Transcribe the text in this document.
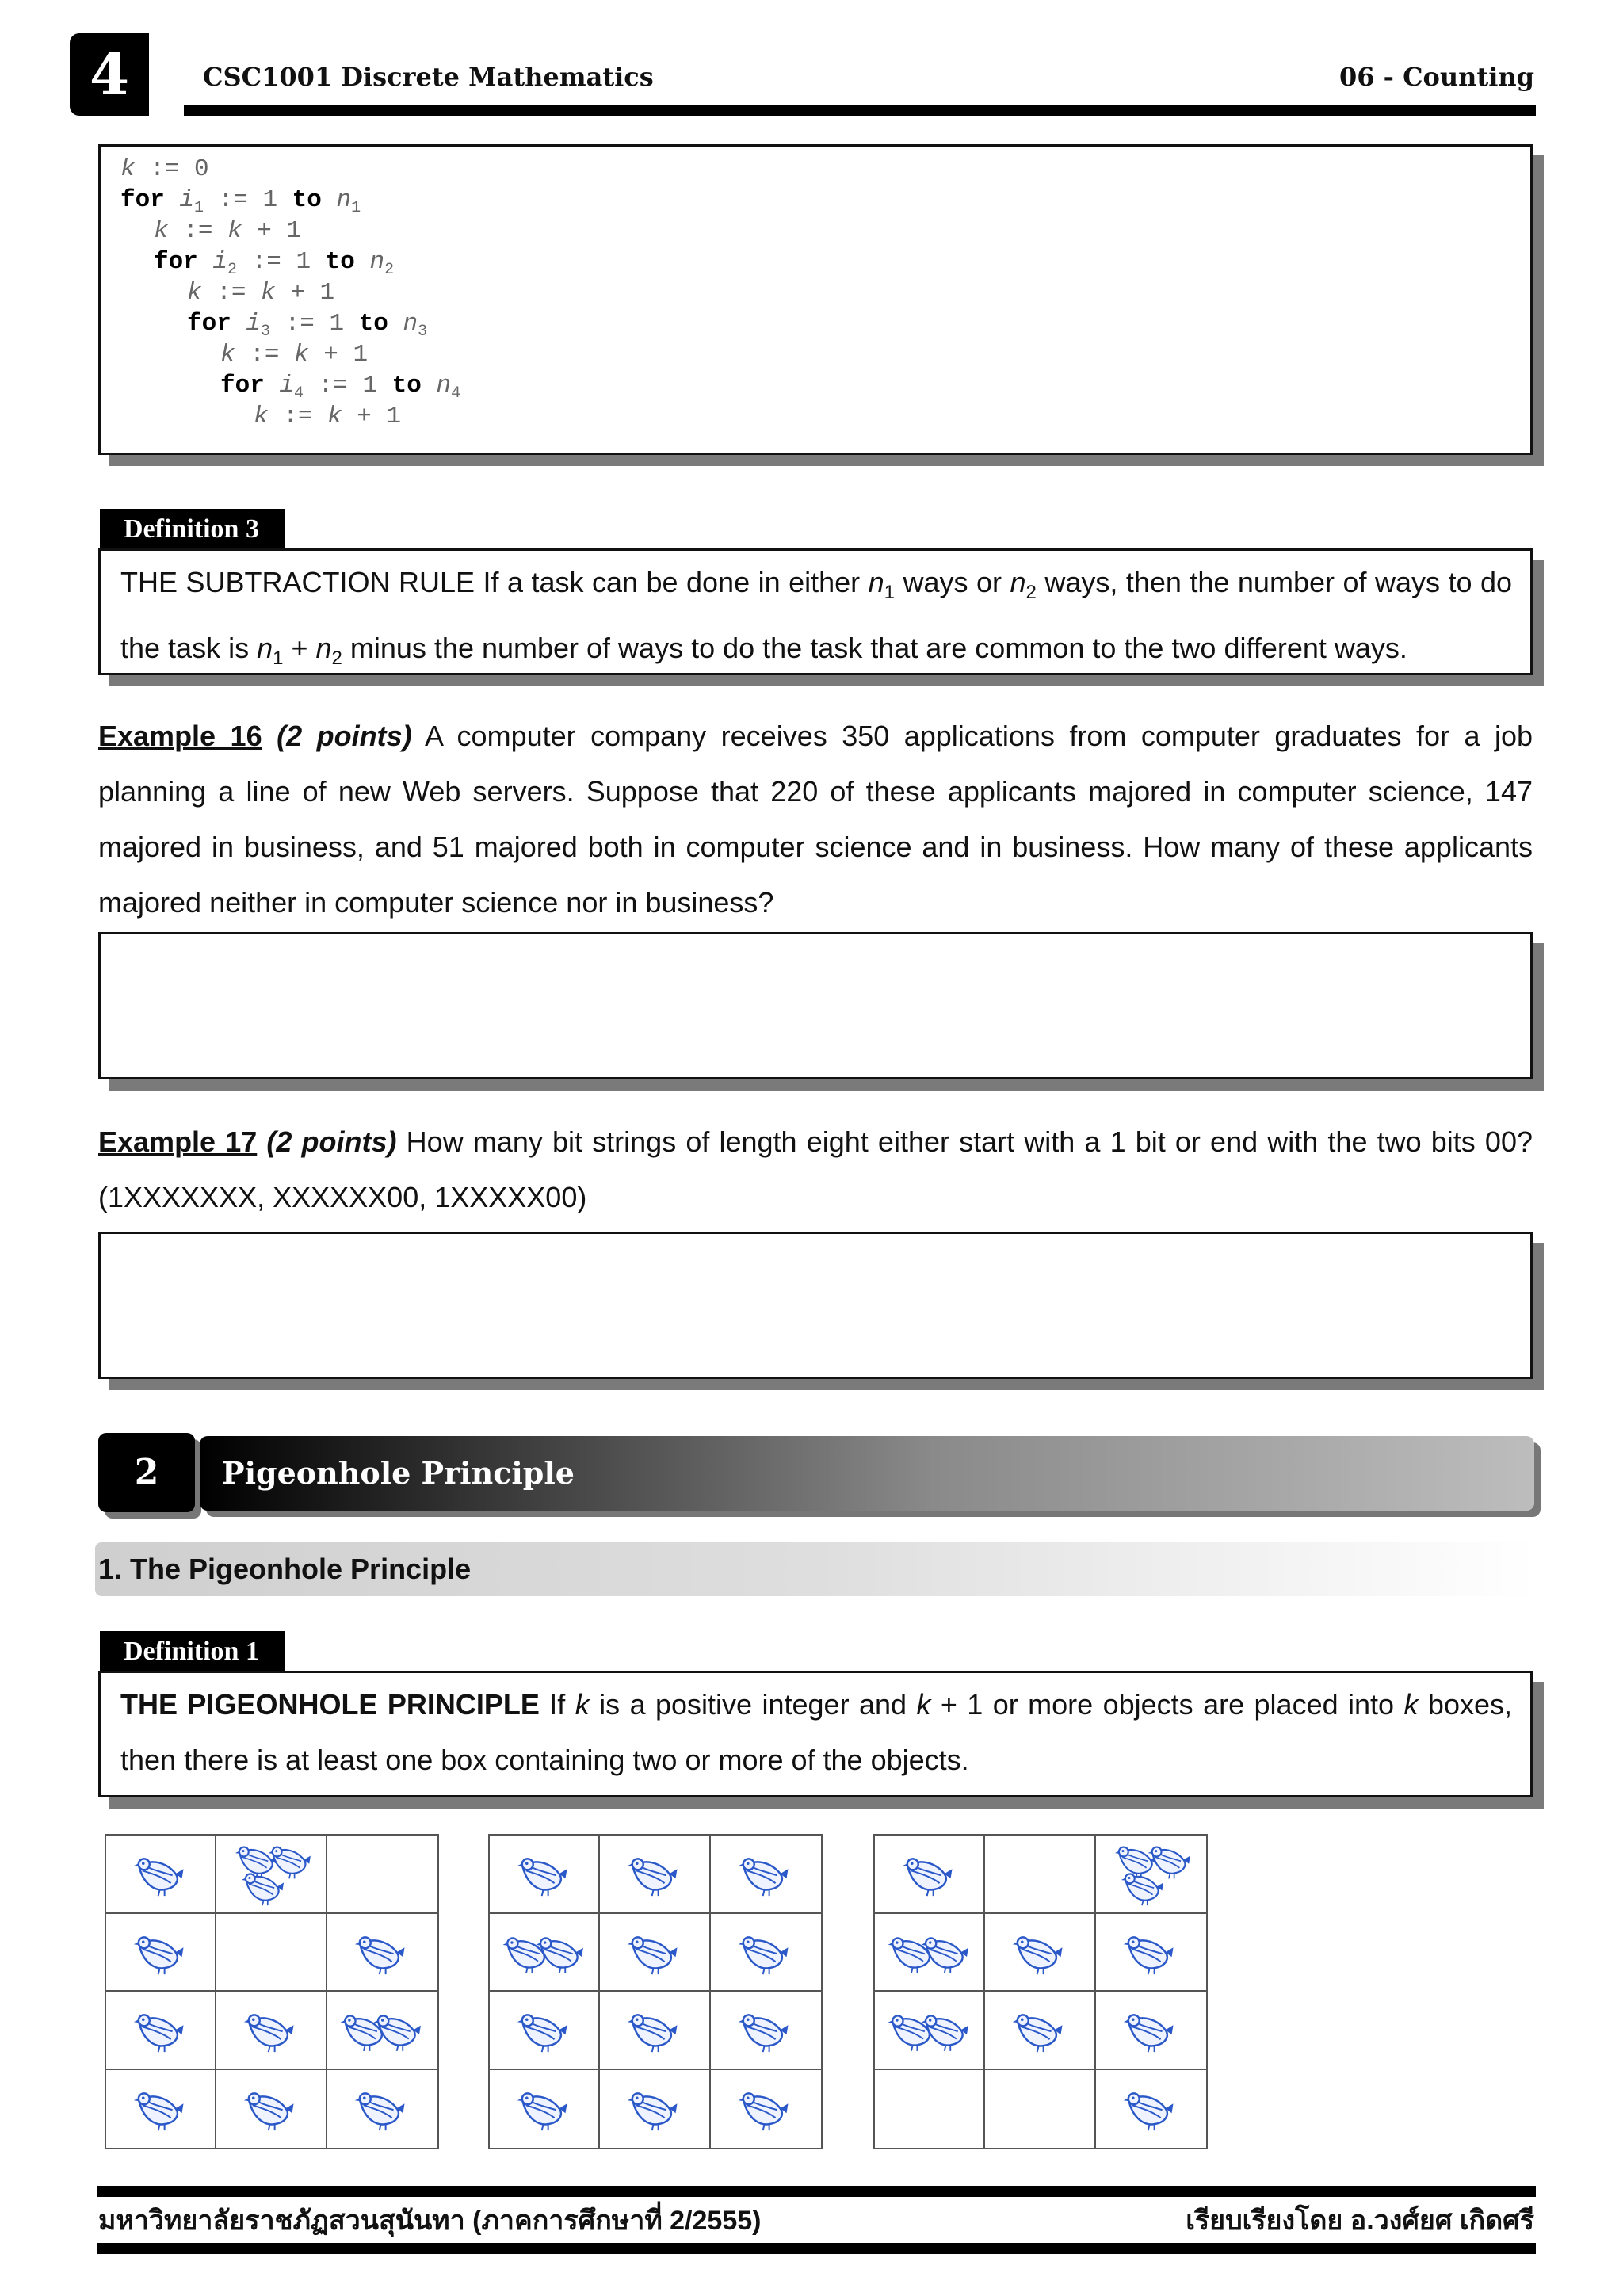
4	CSC1001 Discrete Mathematics	06 - Counting
k := 0
for $i_1$ := 1 to $n_1$
k := k + 1
for $i_2$ := 1 to $n_2$
k := k + 1
for $i_3$ := 1 to $n_3$
k := k + 1
for $i_4$ := 1 to $n_4$
k := k + 1
Definition 3
THE SUBTRACTION RULE If a task can be done in either $n_1$ ways or $n_2$ ways, then the number of ways to do the task is $n_1 + n_2$ minus the number of ways to do the task that are common to the two different ways.
Example 16 (2 points) A computer company receives 350 applications from computer graduates for a job planning a line of new Web servers. Suppose that 220 of these applicants majored in computer science, 147 majored in business, and 51 majored both in computer science and in business. How many of these applicants majored neither in computer science nor in business?
Example 17 (2 points) How many bit strings of length eight either start with a 1 bit or end with the two bits 00? (1XXXXXXX, XXXXXX00, 1XXXXX00)
2	Pigeonhole Principle
1. The Pigeonhole Principle
Definition 1
THE PIGEONHOLE PRINCIPLE If k is a positive integer and k + 1 or more objects are placed into k boxes, then there is at least one box containing two or more of the objects.
มหาวิทยาลัยราชภัฏสวนสุนันทา (ภาคการศึกษาที่ 2/2555)	เรียบเรียงโดย อ.วงศ์ยศ เกิดศรี
